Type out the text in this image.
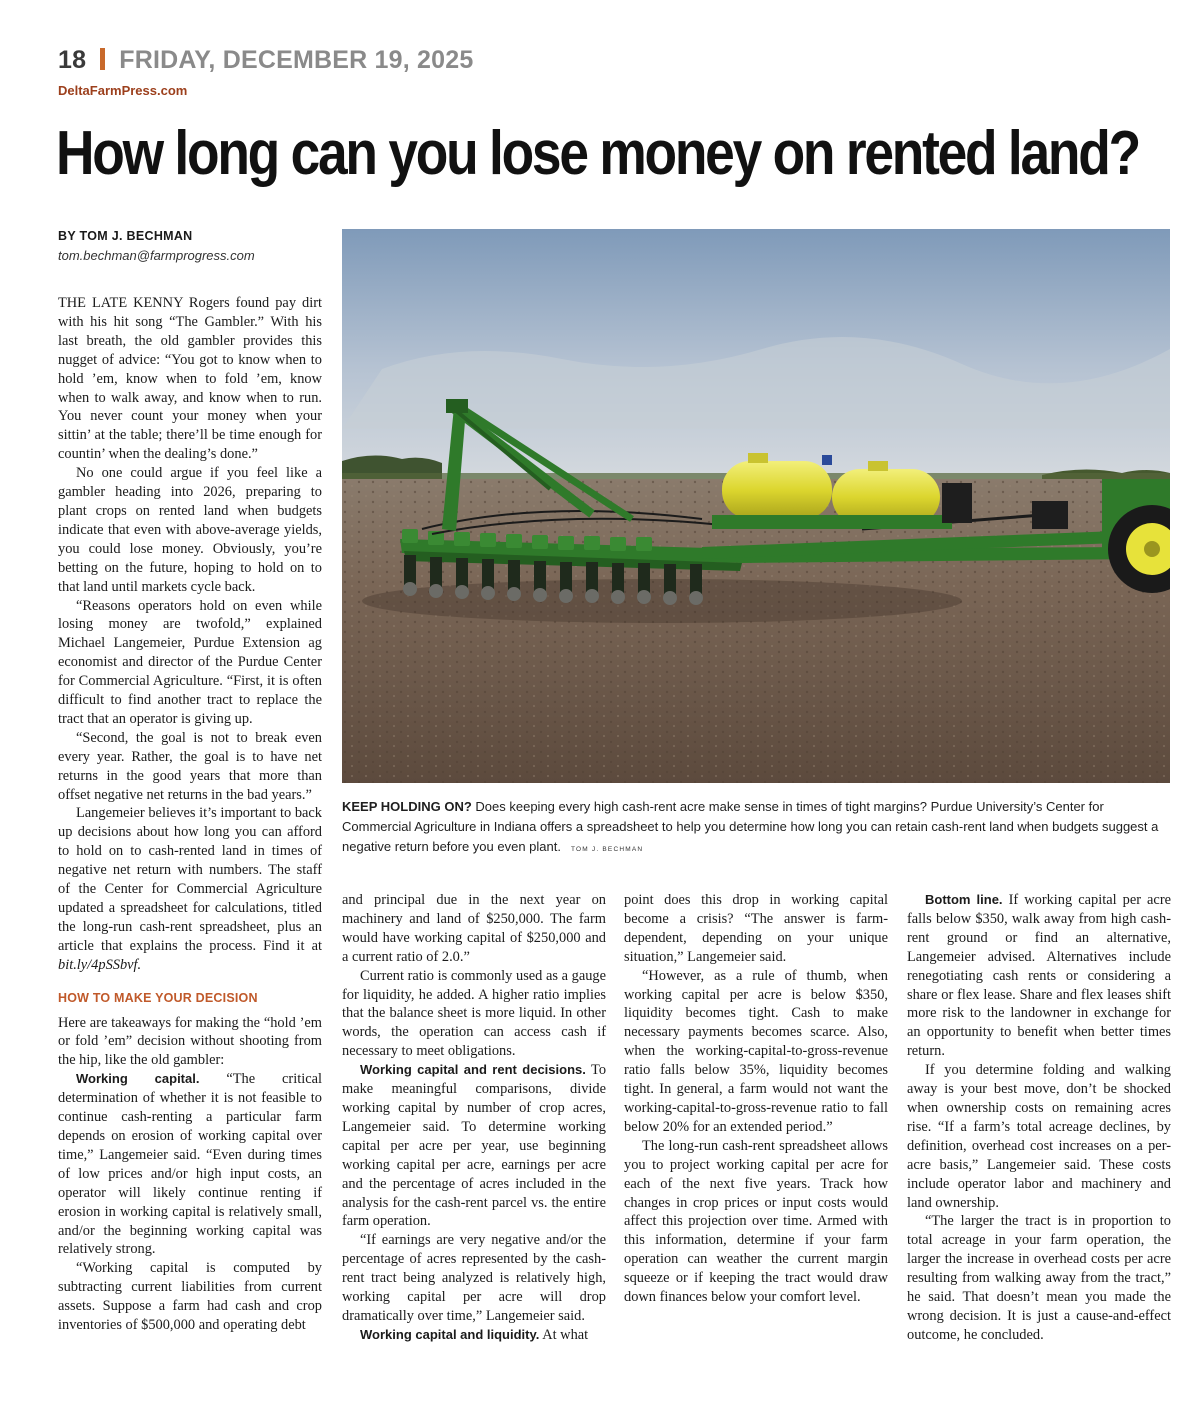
18 FRIDAY, DECEMBER 19, 2025
DeltaFarmPress.com
How long can you lose money on rented land?
BY TOM J. BECHMAN
tom.bechman@farmprogress.com
KEEP HOLDING ON? Does keeping every high cash-rent acre make sense in times of tight margins? Purdue University’s Center for Commercial Agriculture in Indiana offers a spreadsheet to help you determine how long you can retain cash-rent land when budgets suggest a negative return before you even plant. TOM J. BECHMAN

THE LATE KENNY Rogers found pay dirt with his hit song “The Gambler.” With his last breath, the old gambler provides this nugget of advice: “You got to know when to hold ’em, know when to fold ’em, know when to walk away, and know when to run. You never count your money when your sittin’ at the table; there’ll be time enough for countin’ when the dealing’s done.”

No one could argue if you feel like a gambler heading into 2026, preparing to plant crops on rented land when budgets indicate that even with above-average yields, you could lose money. Obviously, you’re betting on the future, hoping to hold on to that land until markets cycle back.

“Reasons operators hold on even while losing money are twofold,” explained Michael Langemeier, Purdue Extension ag economist and director of the Purdue Center for Commercial Agriculture. “First, it is often difficult to find another tract to replace the tract that an operator is giving up.

“Second, the goal is not to break even every year. Rather, the goal is to have net returns in the good years that more than offset negative net returns in the bad years.”

Langemeier believes it’s important to back up decisions about how long you can afford to hold on to cash-rented land in times of negative net return with numbers. The staff of the Center for Commercial Agriculture updated a spreadsheet for calculations, titled the long-run cash-rent spreadsheet, plus an article that explains the process. Find it at bit.ly/4pSSbvf.

HOW TO MAKE YOUR DECISION

Here are takeaways for making the “hold ’em or fold ’em” decision without shooting from the hip, like the old gambler:

Working capital. “The critical determination of whether it is not feasible to continue cash-renting a particular farm depends on erosion of working capital over time,” Langemeier said. “Even during times of low prices and/or high input costs, an operator will likely continue renting if erosion in working capital is relatively small, and/or the beginning working capital was relatively strong.

“Working capital is computed by subtracting current liabilities from current assets. Suppose a farm had cash and crop inventories of $500,000 and operating debt

and principal due in the next year on machinery and land of $250,000. The farm would have working capital of $250,000 and a current ratio of 2.0.”

Current ratio is commonly used as a gauge for liquidity, he added. A higher ratio implies that the balance sheet is more liquid. In other words, the operation can access cash if necessary to meet obligations.

Working capital and rent decisions. To make meaningful comparisons, divide working capital by number of crop acres, Langemeier said. To determine working capital per acre per year, use beginning working capital per acre, earnings per acre and the percentage of acres included in the analysis for the cash-rent parcel vs. the entire farm operation.

“If earnings are very negative and/or the percentage of acres represented by the cash-rent tract being analyzed is relatively high, working capital per acre will drop dramatically over time,” Langemeier said.

Working capital and liquidity. At what

point does this drop in working capital become a crisis? “The answer is farm-dependent, depending on your unique situation,” Langemeier said.

“However, as a rule of thumb, when working capital per acre is below $350, liquidity becomes tight. Cash to make necessary payments becomes scarce. Also, when the working-capital-to-gross-revenue ratio falls below 35%, liquidity becomes tight. In general, a farm would not want the working-capital-to-gross-revenue ratio to fall below 20% for an extended period.”

The long-run cash-rent spreadsheet allows you to project working capital per acre for each of the next five years. Track how changes in crop prices or input costs would affect this projection over time. Armed with this information, determine if your farm operation can weather the current margin squeeze or if keeping the tract would draw down finances below your comfort level.

Bottom line. If working capital per acre falls below $350, walk away from high cash-rent ground or find an alternative, Langemeier advised. Alternatives include renegotiating cash rents or considering a share or flex lease. Share and flex leases shift more risk to the landowner in exchange for an opportunity to benefit when better times return.

If you determine folding and walking away is your best move, don’t be shocked when ownership costs on remaining acres rise. “If a farm’s total acreage declines, by definition, overhead cost increases on a per-acre basis,” Langemeier said. These costs include operator labor and machinery and land ownership.

“The larger the tract is in proportion to total acreage in your farm operation, the larger the increase in overhead costs per acre resulting from walking away from the tract,” he said. That doesn’t mean you made the wrong decision. It is just a cause-and-effect outcome, he concluded.
